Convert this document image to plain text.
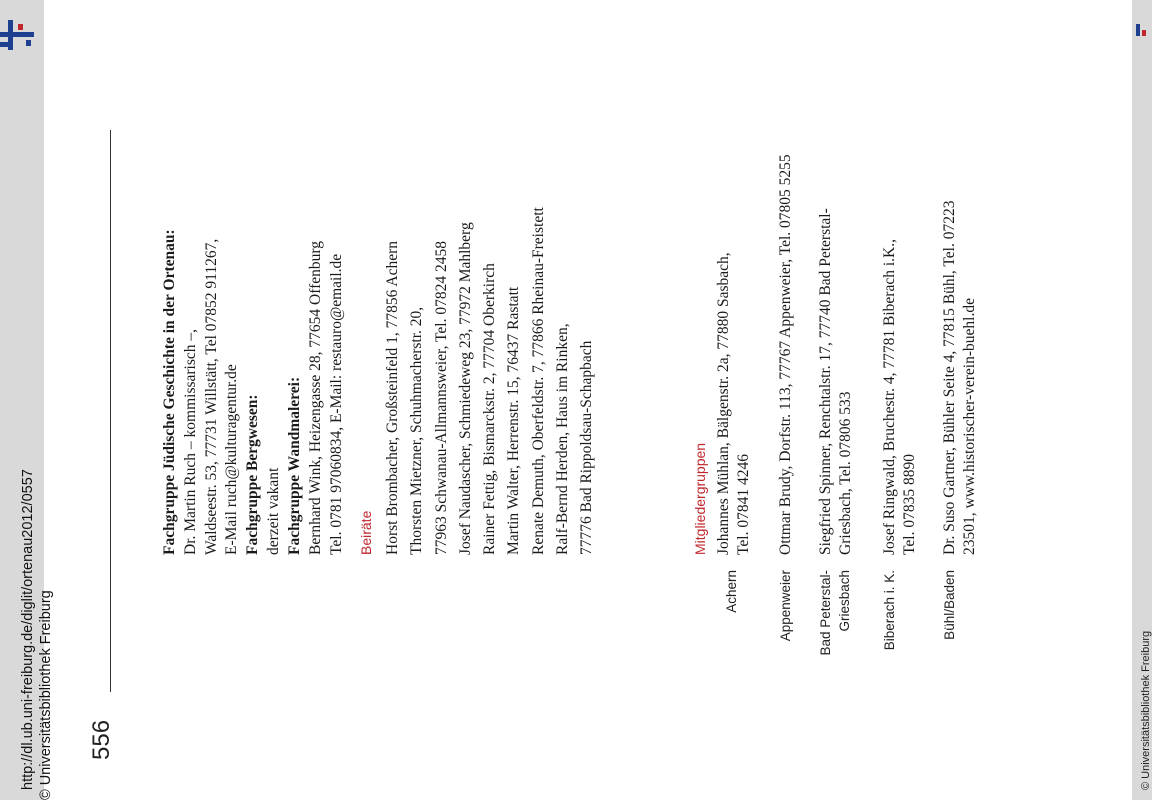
556

Fachgruppe Jüdische Geschichte in der Ortenau: Dr. Martin Ruch – kommissarisch –, Waldseestr. 53, 77731 Willstätt, Tel 07852 911267, E-Mail ruch@kulturagentur.de Fachgruppe Bergwesen: derzeit vakant Fachgruppe Wandmalerei: Bernhard Wink, Heizengasse 28, 77654 Offenburg Tel. 0781 97060834, E-Mail: restauro@email.de Beiräte Horst Brombacher, Großsteinfeld 1, 77856 Achern Thorsten Mietzner, Schuhmacherstr. 20, 77963 Schwanau-Allmannsweier, Tel. 07824 2458 Josef Naudascher, Schmiedeweg 23, 77972 Mahlberg Rainer Fettig, Bismarckstr. 2, 77704 Oberkirch Martin Walter, Herrenstr. 15, 76437 Rastatt Renate Demuth, Oberfeldstr. 7, 77866 Rheinau-Freistett Ralf-Bernd Herden, Haus im Rinken, 77776 Bad Rippoldsau-Schapbach	Mitgliedergruppen

Achern
Johannes Mühlan, Bälgenstr. 2a, 77880 Sasbach, Tel. 07841 4246
Appenweier
Ottmar Brudy, Dorfstr. 113, 77767 Appenweier, Tel. 07805 5255
Bad Peterstal-
Griesbach
Siegfried Spinner, Renchtalstr. 17, 77740 Bad Peterstal- Griesbach, Tel. 07806 533
Biberach i. K.
Josef Ringwald, Bruchestr. 4, 77781 Biberach i.K., Tel. 07835 8890
Bühl/Baden
Dr. Suso Gartner, Bühler Seite 4, 77815 Bühl, Tel. 07223 23501, www.historischer-verein-buehl.de
http://dl.ub.uni-freiburg.de/diglit/ortenau2012/0557 © Universitätsbibliothek Freiburg	© Universitätsbibliothek Freiburg
